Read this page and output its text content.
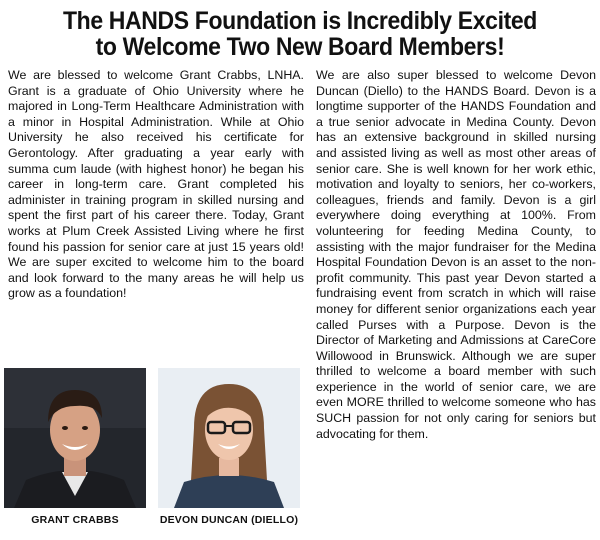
The HANDS Foundation is Incredibly Excited
to Welcome Two New Board Members!

We are blessed to welcome Grant Crabbs, LNHA. Grant is a graduate of Ohio University where he majored in Long-Term Healthcare Administration with a minor in Hospital Administration. While at Ohio University he also received his certificate for Gerontology. After graduating a year early with summa cum laude (with highest honor) he began his career in long-term care. Grant completed his administer in training program in skilled nursing and spent the first part of his career there. Today, Grant works at Plum Creek Assisted Living where he first found his passion for senior care at just 15 years old! We are super excited to welcome him to the board and look forward to the many areas he will help us grow as a foundation!

We are also super blessed to welcome Devon Duncan (Diello) to the HANDS Board. Devon is a longtime supporter of the HANDS Foundation and a true senior advocate in Medina County. Devon has an extensive background in skilled nursing and assisted living as well as most other areas of senior care. She is well known for her work ethic, motivation and loyalty to seniors, her co-workers, colleagues, friends and family. Devon is a girl everywhere doing everything at 100%. From volunteering for feeding Medina County, to assisting with the major fundraiser for the Medina Hospital Foundation Devon is an asset to the non-profit community. This past year Devon started a fundraising event from scratch in which will raise money for different senior organizations each year called Purses with a Purpose. Devon is the Director of Marketing and Admissions at CareCore Willowood in Brunswick. Although we are super thrilled to welcome a board member with such experience in the world of senior care, we are even MORE thrilled to welcome someone who has SUCH passion for not only caring for seniors but advocating for them.

GRANT CRABBS	DEVON DUNCAN (DIELLO)
